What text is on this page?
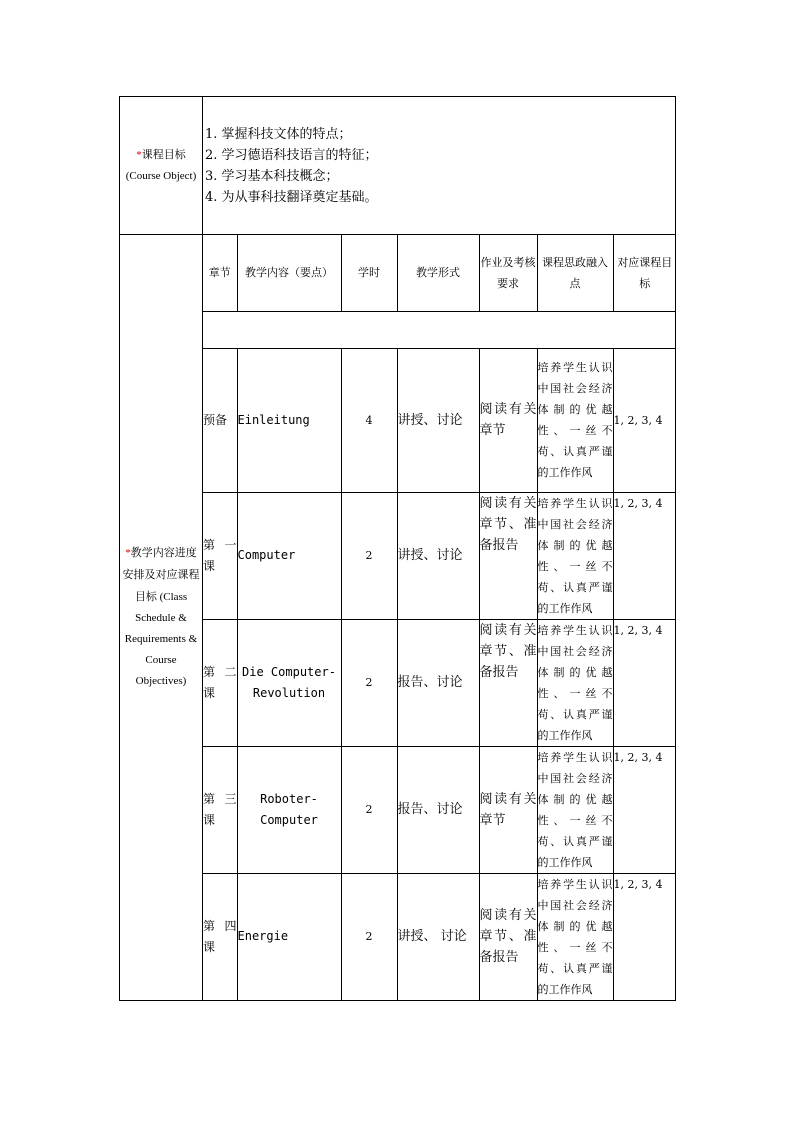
*课程目标
(Course Object)	
1. 掌握科技文体的特点；
2. 学习德语科技语言的特征；
3. 学习基本科技概念；
4. 为从事科技翻译奠定基础。

*教学内容进度安排及对应课程目标 (Class Schedule & Requirements & Course Objectives)	
章节	教学内容（要点）	学时	教学形式	作业及考核要求	课程思政融入点	对应课程目标

预备	Einleitung	4	讲授、讨论	阅读有关章节	培养学生认识中国社会经济体制的优越性、一丝不苟、认真严谨的工作作风	1, 2, 3, 4
第一课	Computer	2	讲授、讨论	阅读有关章节、准备报告	培养学生认识中国社会经济体制的优越性、一丝不苟、认真严谨的工作作风	1, 2, 3, 4
第二课	Die Computer-Revolution	2	报告、讨论	阅读有关章节、准备报告	培养学生认识中国社会经济体制的优越性、一丝不苟、认真严谨的工作作风	1, 2, 3, 4
第三课	Roboter-Computer	2	报告、讨论	阅读有关章节	培养学生认识中国社会经济体制的优越性、一丝不苟、认真严谨的工作作风	1, 2, 3, 4
第四课	Energie	2	讲授、 讨论	阅读有关章节、准备报告	培养学生认识中国社会经济体制的优越性、一丝不苟、认真严谨的工作作风	1, 2, 3, 4
